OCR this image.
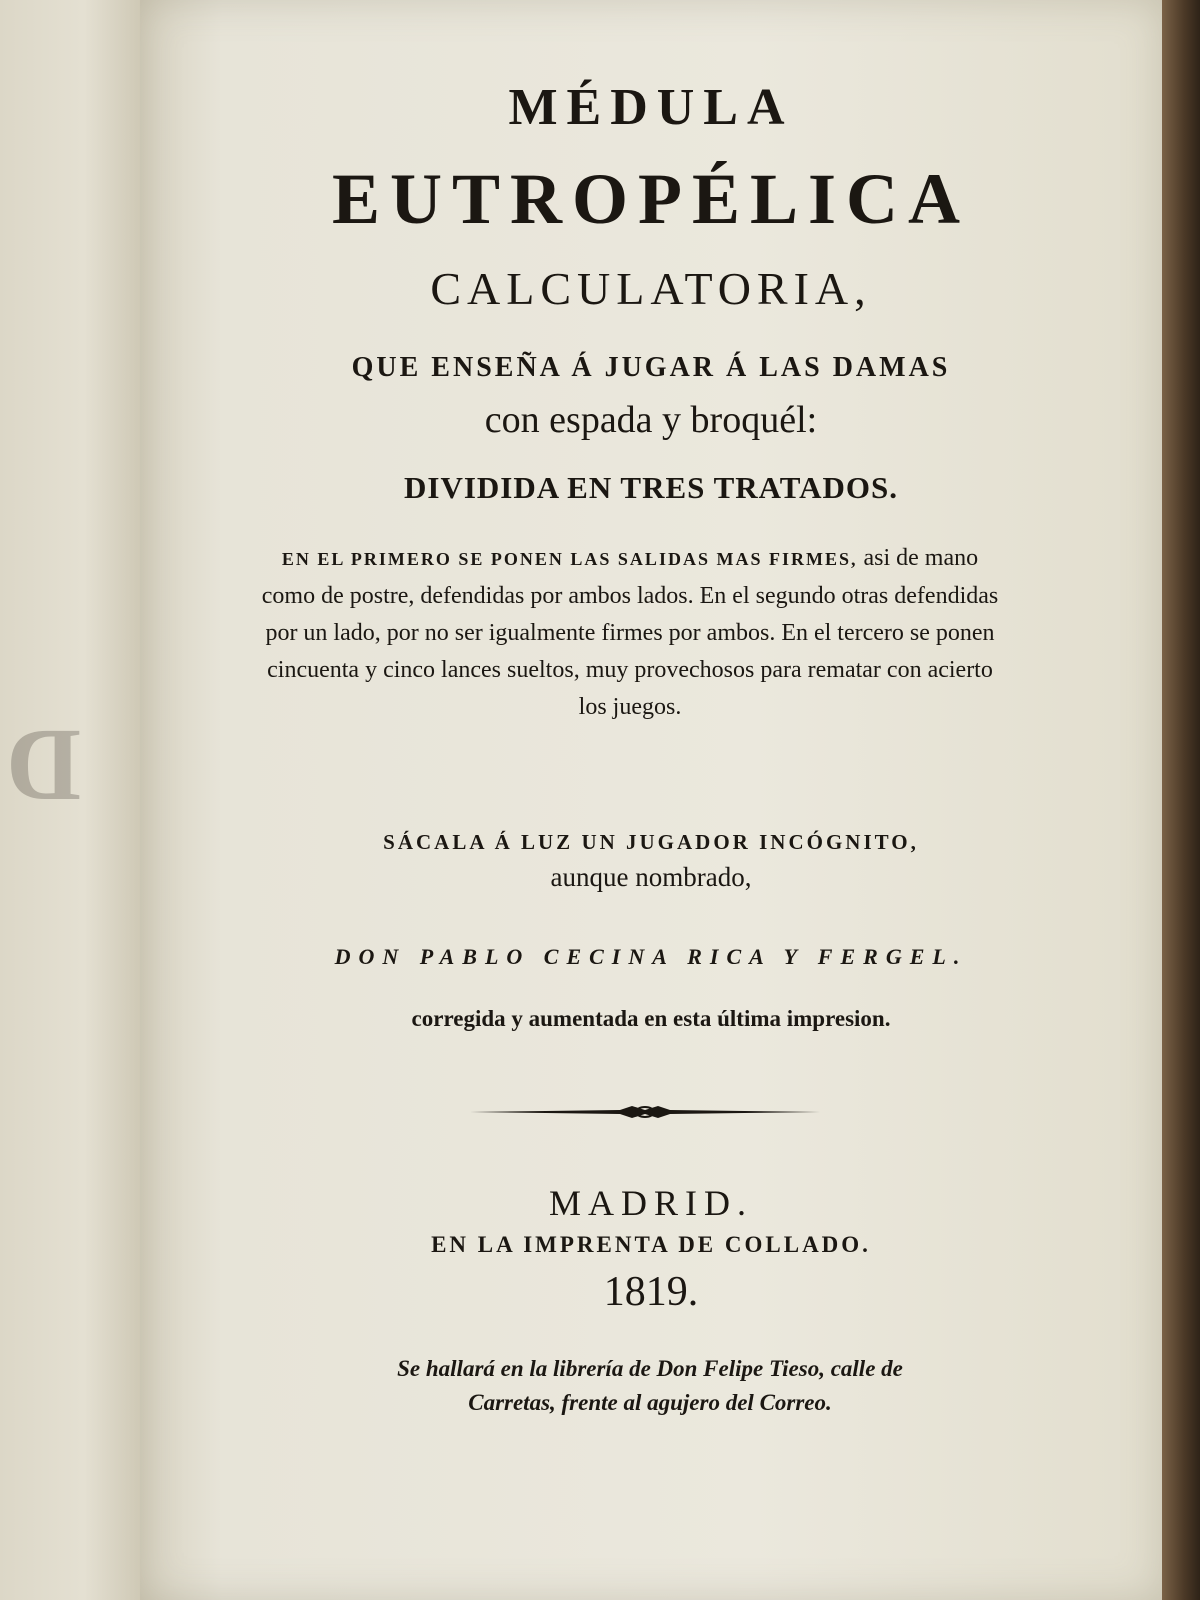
D
MÉDULA
EUTROPÉLICA
CALCULATORIA,
QUE ENSEÑA Á JUGAR Á LAS DAMAS
con espada y broquél:
DIVIDIDA EN TRES TRATADOS.
EN EL PRIMERO SE PONEN LAS SALIDAS MAS FIRMES, asi de mano como de postre, defendidas por ambos lados. En el segundo otras defendidas por un lado, por no ser igualmente firmes por ambos. En el tercero se ponen cincuenta y cinco lances sueltos, muy provechosos para rematar con acierto los juegos.
SÁCALA Á LUZ UN JUGADOR INCÓGNITO,
aunque nombrado,
DON PABLO CECINA RICA Y FERGEL.
corregida y aumentada en esta última impresion.
MADRID.
EN LA IMPRENTA DE COLLADO.
1819.
Se hallará en la librería de Don Felipe Tieso, calle de
Carretas, frente al agujero del Correo.
